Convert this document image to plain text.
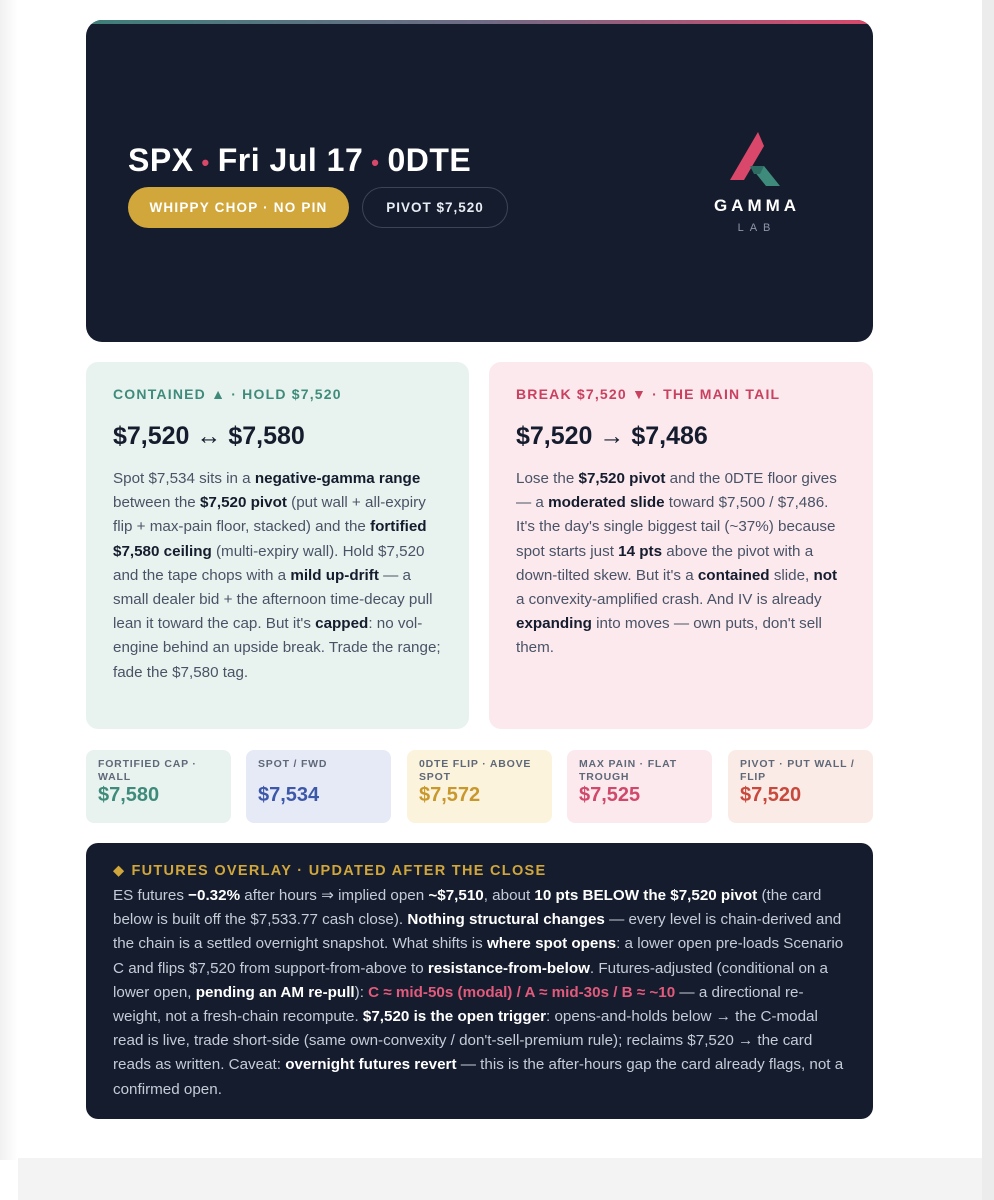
SPX • Fri Jul 17 • 0DTE
WHIPPY CHOP · NO PIN	PIVOT $7,520	GAMMA
LAB
CONTAINED ▲ · HOLD $7,520
$7,520 ↔ $7,580
Spot $7,534 sits in a negative-gamma range between the $7,520 pivot (put wall + all-expiry flip + max-pain floor, stacked) and the fortified $7,580 ceiling (multi-expiry wall). Hold $7,520 and the tape chops with a mild up-drift — a small dealer bid + the afternoon time-decay pull lean it toward the cap. But it's capped: no vol-engine behind an upside break. Trade the range; fade the $7,580 tag.
BREAK $7,520 ▼ · THE MAIN TAIL
$7,520 → $7,486
Lose the $7,520 pivot and the 0DTE floor gives — a moderated slide toward $7,500 / $7,486. It's the day's single biggest tail (~37%) because spot starts just 14 pts above the pivot with a down-tilted skew. But it's a contained slide, not a convexity-amplified crash. And IV is already expanding into moves — own puts, don't sell them.
FORTIFIED CAP · WALL
$7,580
SPOT / FWD
$7,534
0DTE FLIP · ABOVE SPOT
$7,572
MAX PAIN · FLAT TROUGH
$7,525
PIVOT · PUT WALL / FLIP
$7,520
◆ FUTURES OVERLAY · UPDATED AFTER THE CLOSE
ES futures −0.32% after hours ⇒ implied open ~$7,510, about 10 pts BELOW the $7,520 pivot (the card below is built off the $7,533.77 cash close). Nothing structural changes — every level is chain-derived and the chain is a settled overnight snapshot. What shifts is where spot opens: a lower open pre-loads Scenario C and flips $7,520 from support-from-above to resistance-from-below. Futures-adjusted (conditional on a lower open, pending an AM re-pull): C ≈ mid-50s (modal) / A ≈ mid-30s / B ≈ ~10 — a directional re-weight, not a fresh-chain recompute. $7,520 is the open trigger: opens-and-holds below → the C-modal read is live, trade short-side (same own-convexity / don't-sell-premium rule); reclaims $7,520 → the card reads as written. Caveat: overnight futures revert — this is the after-hours gap the card already flags, not a confirmed open.
